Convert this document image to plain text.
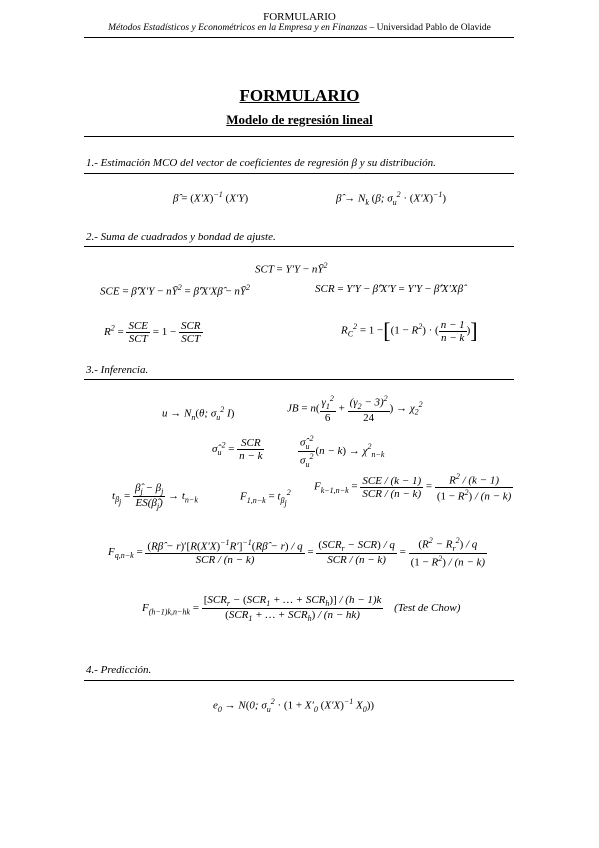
FORMULARIO
Métodos Estadísticos y Econométricos en la Empresa y en Finanzas – Universidad Pablo de Olavide
FORMULARIO
Modelo de regresión lineal
1.- Estimación MCO del vector de coeficientes de regresión β y su distribución.
β̂ = $(X'X)^{-1}$ (X′Y)	β̂ → $N_k$ (β; $\sigma_u^2 \cdot (X'X)^{-1}$)
2.- Suma de cuadrados y bondad de ajuste.
SCT = $Y'Y - nȲ^2$
SCE = β̂′X′Y − $nȲ^2$ = β̂′X′Xβ̂ − $nȲ^2$	SCR = Y′Y − β̂′X′Y = Y′Y − β̂′X′Xβ̂
$R^2 = \frac{\text{SCE}}{\text{SCT}} = 1 - \frac{\text{SCR}}{\text{SCT}}$	$R_C^2 = 1 -[(1 - R^2)$ · ( $\frac{n - 1}{n - k}$ )]
3.- Inferencia.
$u \to N_n(\theta$; $\sigma_u^2$ I)	JB = $n( \frac{\gamma_1^2}{6} + \frac{(\gamma_2 - 3)^2}{24}$ ) → $\chi_2^2$
$\sigmâ_u^2 = \frac{\text{SCR}}{n - k}$	$\frac{\sigmâ_u^2}{\sigma_u^2} (n - k) \to \chi^2_{n-k}$
$t_{\beta_j} = \frac{\betâ_j - \beta_j}{ES(\betâ_j)} \to t_{n-k}$	$F_{1,n-k} = t_{\beta_j}^2$ $F_{k-1,n-k} = \frac{\text{SCE / (k − 1)}}{\text{SCR / (n − k)}} = \frac{R^2 / (k - 1)}{(1 - R^2) / (n - k)}$
$F_{q,n-k} = \frac{(R\betâ - r)'[R(X'X)^{-1}R']^{-1}(R\betâ - r) / q}{\text{SCR / (n − k)}} = \frac{(SCR_r - SCR) / q}{\text{SCR / (n − k)}} = \frac{(R^2 - R_r^2) / q}{(1 - R^2) / (n - k)}$
$F_{(h-1)k,n-hk} = \frac{[SCR_r - (SCR_1 + \dots + SCR_h)] / (h - 1)k}{(SCR_1 + \dots + SCR_h) / (n - hk)}$ (Test de Chow)
4.- Predicción.
$e_0 \to N(0$; $\sigma_u^2 \cdot (1 + X'_0$ $(X'X)^{-1}$ $X_0$))
